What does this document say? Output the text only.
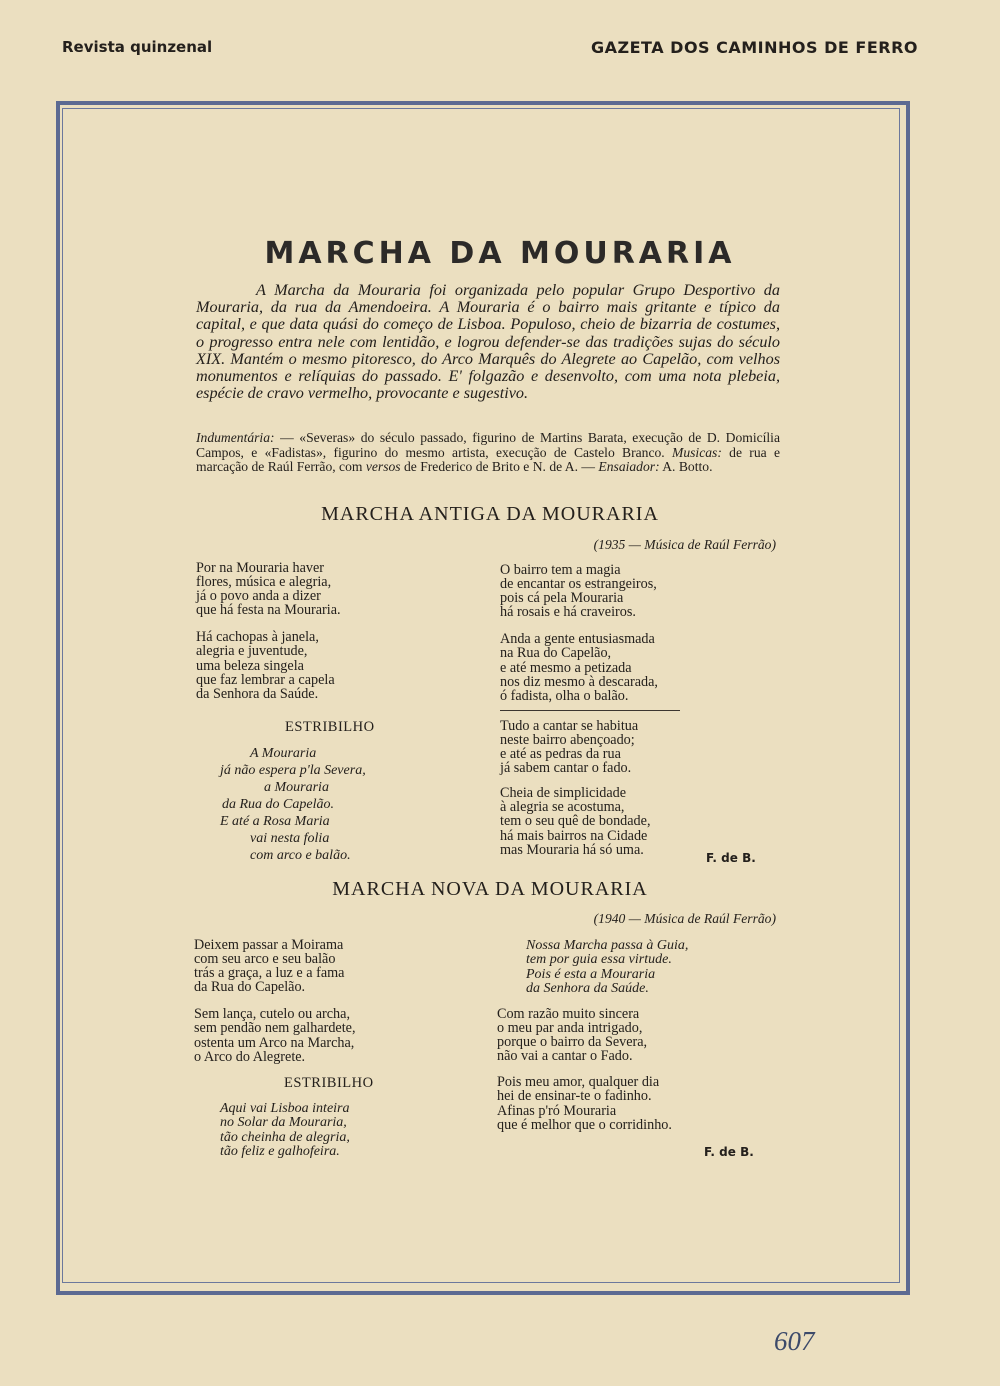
Revista quinzenal	GAZETA DOS CAMINHOS DE FERRO
MARCHA DA MOURARIA
A Marcha da Mouraria foi organizada pelo popular Grupo Desportivo da Mouraria, da rua da Amendoeira. A Mouraria é o bairro mais gritante e típico da capital, e que data quási do começo de Lisboa. Populoso, cheio de bizarria de costumes, o progresso entra nele com lentidão, e logrou defender-se das tradições sujas do século XIX. Mantém o mesmo pitoresco, do Arco Marquês do Alegrete ao Capelão, com velhos monumentos e relíquias do passado. E' folgazão e desenvolto, com uma nota plebeia, espécie de cravo vermelho, provocante e sugestivo.
Indumentária: — «Severas» do século passado, figurino de Martins Barata, execução de D. Domicília Campos, e «Fadistas», figurino do mesmo artista, execução de Castelo Branco. Musicas: de rua e marcação de Raúl Ferrão, com versos de Frederico de Brito e N. de A. — Ensaiador: A. Botto.
MARCHA ANTIGA DA MOURARIA
(1935 — Música de Raúl Ferrão)
Por na Mouraria haver
flores, música e alegria,
já o povo anda a dizer
que há festa na Mouraria.
Há cachopas à janela,
alegria e juventude,
uma beleza singela
que faz lembrar a capela
da Senhora da Saúde.
ESTRIBILHO
A Mouraria
já não espera p'la Severa,
a Mouraria
da Rua do Capelão.
E até a Rosa Maria
vai nesta folia
com arco e balão.
O bairro tem a magia
de encantar os estrangeiros,
pois cá pela Mouraria
há rosais e há craveiros.
Anda a gente entusiasmada
na Rua do Capelão,
e até mesmo a petizada
nos diz mesmo à descarada,
ó fadista, olha o balão.
Tudo a cantar se habitua
neste bairro abençoado;
e até as pedras da rua
já sabem cantar o fado.
Cheia de simplicidade
à alegria se acostuma,
tem o seu quê de bondade,
há mais bairros na Cidade
mas Mouraria há só uma.
F. de B.
MARCHA NOVA DA MOURARIA
(1940 — Música de Raúl Ferrão)
Deixem passar a Moirama
com seu arco e seu balão
trás a graça, a luz e a fama
da Rua do Capelão.
Sem lança, cutelo ou archa,
sem pendão nem galhardete,
ostenta um Arco na Marcha,
o Arco do Alegrete.
ESTRIBILHO
Aqui vai Lisboa inteira
no Solar da Mouraria,
tão cheinha de alegria,
tão feliz e galhofeira.
Nossa Marcha passa à Guia,
tem por guia essa virtude.
Pois é esta a Mouraria
da Senhora da Saúde.
Com razão muito sincera
o meu par anda intrigado,
porque o bairro da Severa,
não vai a cantar o Fado.
Pois meu amor, qualquer dia
hei de ensinar-te o fadinho.
Afinas p'ró Mouraria
que é melhor que o corridinho.
F. de B.
607
